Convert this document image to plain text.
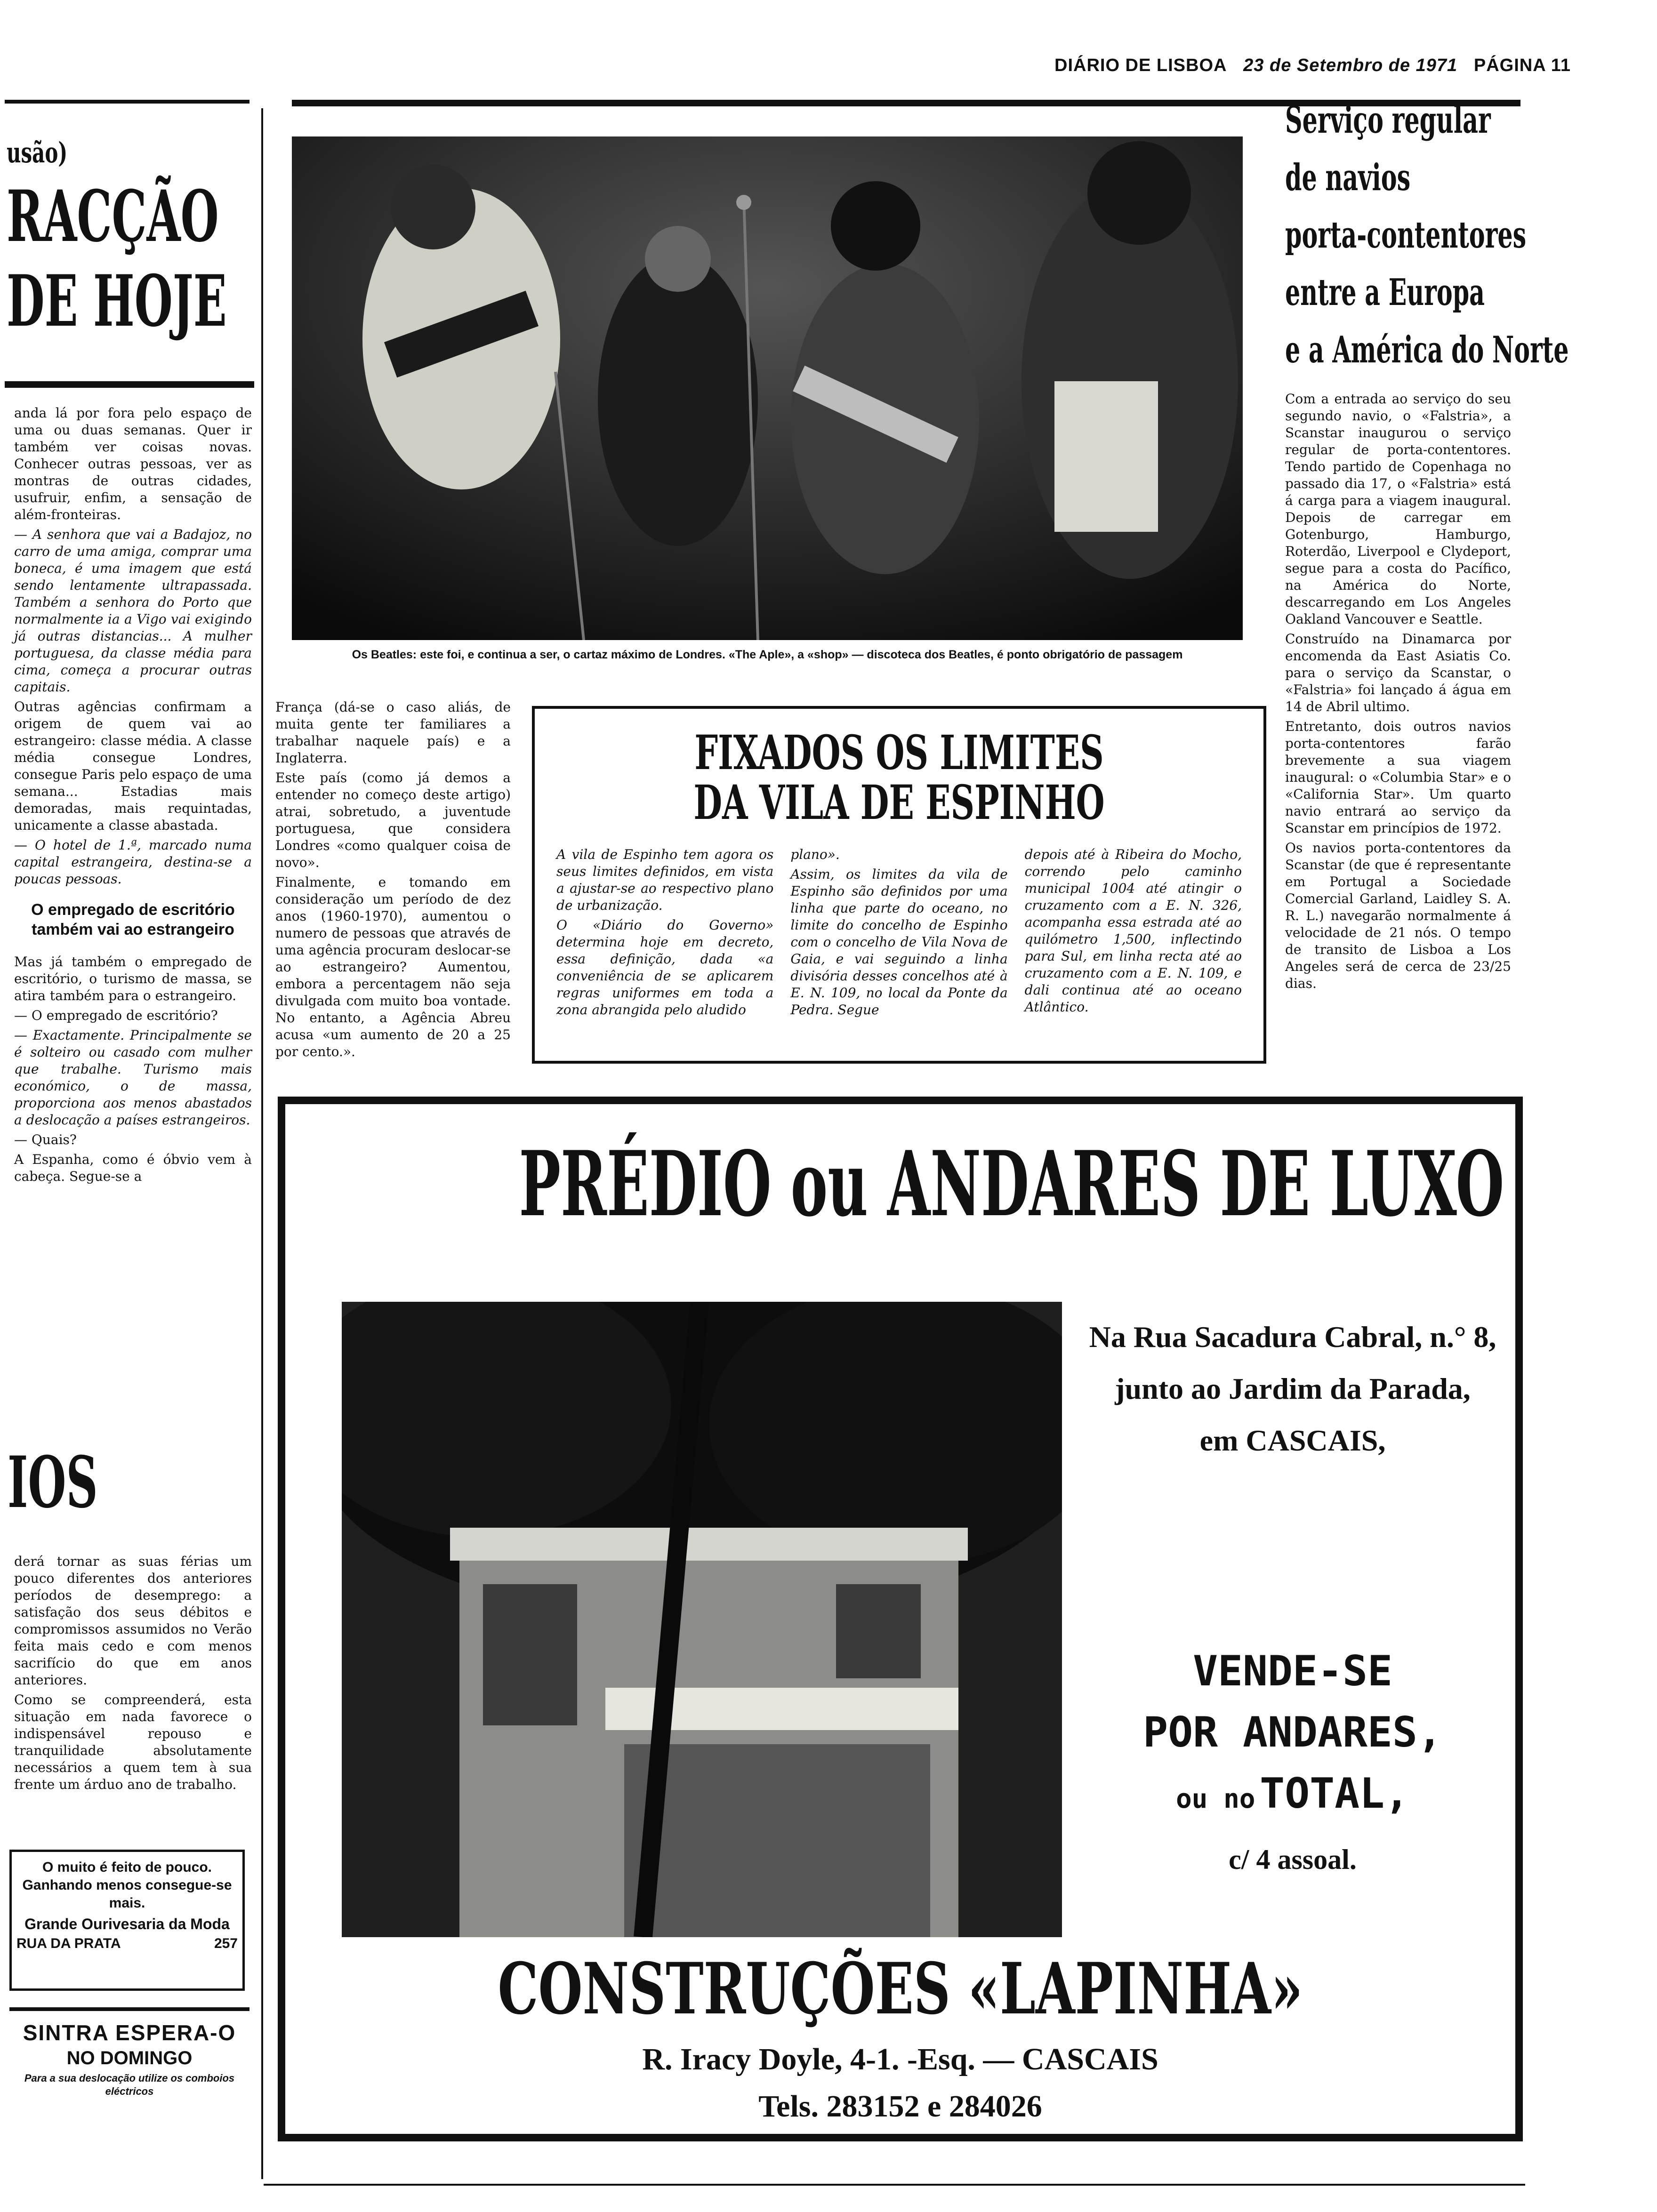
DIÁRIO DE LISBOA 23 de Setembro de 1971 PÁGINA 11
usão)
RACÇÃO
DE HOJE

anda lá por fora pelo espaço de uma ou duas semanas. Quer ir também ver coisas novas. Conhecer outras pessoas, ver as montras de outras cidades, usufruir, enfim, a sensação de além-fronteiras.

— A senhora que vai a Badajoz, no carro de uma amiga, comprar uma boneca, é uma imagem que está sendo lentamente ultrapassada. Também a senhora do Porto que normalmente ia a Vigo vai exigindo já outras distancias... A mulher portuguesa, da classe média para cima, começa a procurar outras capitais.

Outras agências confirmam a origem de quem vai ao estrangeiro: classe média. A classe média consegue Londres, consegue Paris pelo espaço de uma semana... Estadias mais demoradas, mais requintadas, unicamente a classe abastada.

— O hotel de 1.ª, marcado numa capital estrangeira, destina-se a poucas pessoas.

O empregado de escritório também vai ao estrangeiro

Mas já também o empregado de escritório, o turismo de massa, se atira também para o estrangeiro.

— O empregado de escritório?

— Exactamente. Principalmente se é solteiro ou casado com mulher que trabalhe. Turismo mais económico, o de massa, proporciona aos menos abastados a deslocação a países estrangeiros.

— Quais?

A Espanha, como é óbvio vem à cabeça. Segue-se a

IOS

derá tornar as suas férias um pouco diferentes dos anteriores períodos de desemprego: a satisfação dos seus débitos e compromissos assumidos no Verão feita mais cedo e com menos sacrifício do que em anos anteriores.

Como se compreenderá, esta situação em nada favorece o indispensável repouso e tranquilidade absolutamente necessários a quem tem à sua frente um árduo ano de trabalho.

O muito é feito de pouco.
Ganhando menos consegue-se mais.
Grande Ourivesaria da Moda
RUA DA PRATA	257
SINTRA ESPERA-O
NO DOMINGO
Para a sua deslocação utilize os comboios eléctricos
Os Beatles: este foi, e continua a ser, o cartaz máximo de Londres. «The Aple», a «shop» — discoteca dos Beatles, é ponto obrigatório de passagem

França (dá-se o caso aliás, de muita gente ter familiares a trabalhar naquele país) e a Inglaterra.

Este país (como já demos a entender no começo deste artigo) atrai, sobretudo, a juventude portuguesa, que considera Londres «como qualquer coisa de novo».

Finalmente, e tomando em consideração um período de dez anos (1960-1970), aumentou o numero de pessoas que através de uma agência procuram deslocar-se ao estrangeiro? Aumentou, embora a percentagem não seja divulgada com muito boa vontade. No entanto, a Agência Abreu acusa «um aumento de 20 a 25 por cento.».

FIXADOS OS LIMITES
DA VILA DE ESPINHO

A vila de Espinho tem agora os seus limites definidos, em vista a ajustar-se ao respectivo plano de urbanização.

O «Diário do Governo» determina hoje em decreto, essa definição, dada «a conveniência de se aplicarem regras uniformes em toda a zona abrangida pelo aludido

plano».

Assim, os limites da vila de Espinho são definidos por uma linha que parte do oceano, no limite do concelho de Espinho com o concelho de Vila Nova de Gaia, e vai seguindo a linha divisória desses concelhos até à E. N. 109, no local da Ponte da Pedra. Segue

depois até à Ribeira do Mocho, correndo pelo caminho municipal 1004 até atingir o cruzamento com a E. N. 326, acompanha essa estrada até ao quilómetro 1,500, inflectindo para Sul, em linha recta até ao cruzamento com a E. N. 109, e dali continua até ao oceano Atlântico.

Serviço regular
de navios
porta-contentores
entre a Europa
e a América do Norte

Com a entrada ao serviço do seu segundo navio, o «Falstria», a Scanstar inaugurou o serviço regular de porta-contentores. Tendo partido de Copenhaga no passado dia 17, o «Falstria» está á carga para a viagem inaugural. Depois de carregar em Gotenburgo, Hamburgo, Roterdão, Liverpool e Clydeport, segue para a costa do Pacífico, na América do Norte, descarregando em Los Angeles Oakland Vancouver e Seattle.

Construído na Dinamarca por encomenda da East Asiatis Co. para o serviço da Scanstar, o «Falstria» foi lançado á água em 14 de Abril ultimo.

Entretanto, dois outros navios porta-contentores farão brevemente a sua viagem inaugural: o «Columbia Star» e o «California Star». Um quarto navio entrará ao serviço da Scanstar em princípios de 1972.

Os navios porta-contentores da Scanstar (de que é representante em Portugal a Sociedade Comercial Garland, Laidley S. A. R. L.) navegarão normalmente á velocidade de 21 nós. O tempo de transito de Lisboa a Los Angeles será de cerca de 23/25 dias.

PRÉDIO ou ANDARES DE LUXO
Na Rua Sacadura Cabral, n.° 8,
junto ao Jardim da Parada,
em CASCAIS,
VENDE-SE
POR ANDARES,
ou no TOTAL,
c/ 4 assoal.
CONSTRUÇÕES «LAPINHA»
R. Iracy Doyle, 4-1. -Esq. — CASCAIS
Tels. 283152 e 284026
